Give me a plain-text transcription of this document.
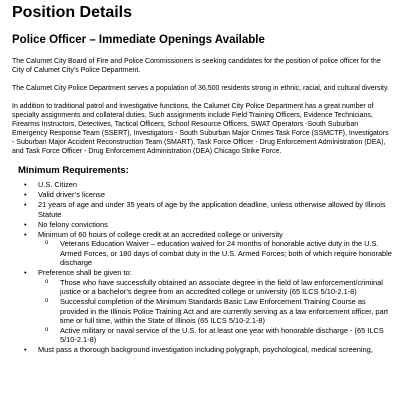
Position Details
Police Officer – Immediate Openings Available

The Calumet City Board of Fire and Police Commissioners is seeking candidates for the position of police officer for the City of Calumet City’s Police Department.

The Calumet City Police Department serves a population of 36,500 residents strong in ethnic, racial, and cultural diversity.

In addition to traditional patrol and investigative functions, the Calumet City Police Department has a great number of specialty assignments and collateral duties. Such assignments include Field Training Officers, Evidence Technicians, Firearms Instructors, Detectives, Tactical Officers, School Resource Officers, SWAT Operators -South Suburban Emergency Response Team (SSERT), Investigators - South Suburban Major Crimes Task Force (SSMCTF), Investigators - Suburban Major Accident Reconstruction Team (SMART), Task Force Officer - Drug Enforcement Administration (DEA), and Task Force Officer - Drug Enforcement Administration (DEA) Chicago Strike Force.

Minimum Requirements:
• U.S. Citizen
• Valid driver’s license
• 21 years of age and under 35 years of age by the application deadline, unless otherwise allowed by Illinois Statute
• No felony convictions
• Minimum of 60 hours of college credit at an accredited college or university
o Veterans Education Waiver – education waived for 24 months of honorable active duty in the U.S. Armed Forces, or 180 days of combat duty in the U.S. Armed Forces; both of which require honorable discharge
• Preference shall be given to:
o Those who have successfully obtained an associate degree in the field of law enforcement/criminal justice or a bachelor’s degree from an accredited college or university (65 ILCS 5/10-2.1-8)
o Successful completion of the Minimum Standards Basic Law Enforcement Training Course as provided in the Illinois Police Training Act and are currently serving as a law enforcement officer, part time or full time, within the State of Illinois (65 ILCS 5/10-2.1-8)
o Active military or naval service of the U.S. for at least one year with honorable discharge - (65 ILCS 5/10-2.1-8)
• Must pass a thorough background investigation including polygraph, psychological, medical screening,
